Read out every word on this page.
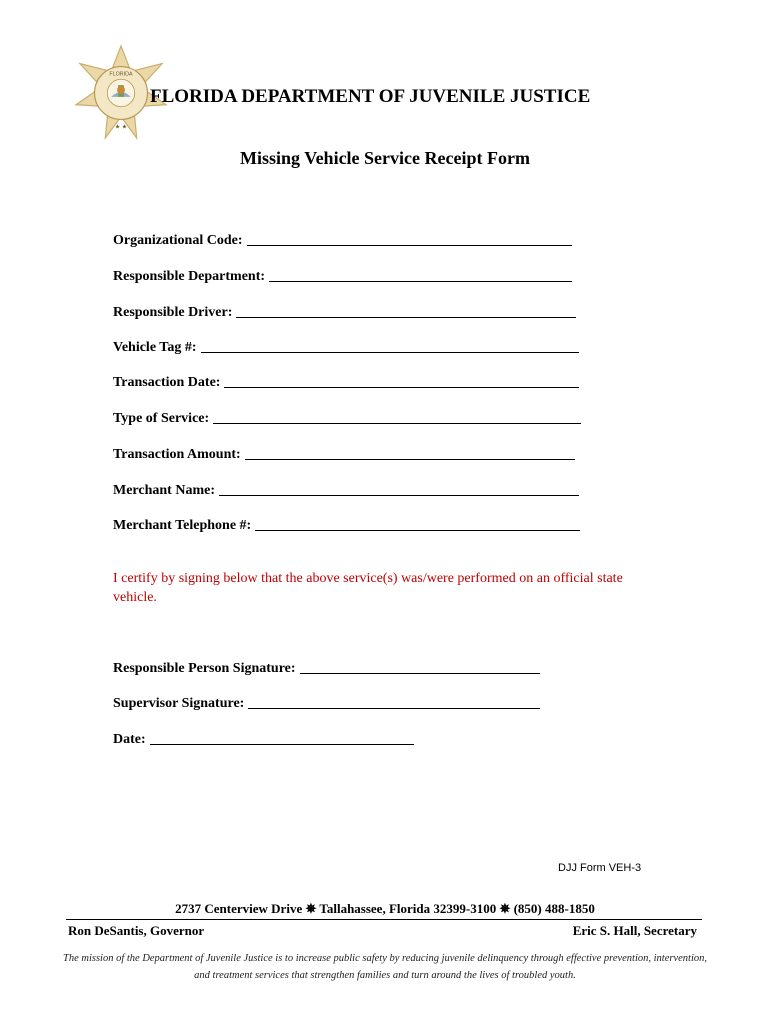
FLORIDA
★ ★
FLORIDA DEPARTMENT OF JUVENILE JUSTICE
Missing Vehicle Service Receipt Form
Organizational Code:
Responsible Department:
Responsible Driver:
Vehicle Tag #:
Transaction Date:
Type of Service:
Transaction Amount:
Merchant Name:
Merchant Telephone #:
I certify by signing below that the above service(s) was/were performed on an official state vehicle.
Responsible Person Signature:
Supervisor Signature:
Date:
DJJ Form VEH-3
2737 Centerview Drive ✵ Tallahassee, Florida 32399-3100 ✵ (850) 488-1850
Ron DeSantis, Governor	Eric S. Hall, Secretary
The mission of the Department of Juvenile Justice is to increase public safety by reducing juvenile delinquency through effective prevention, intervention, and treatment services that strengthen families and turn around the lives of troubled youth.
